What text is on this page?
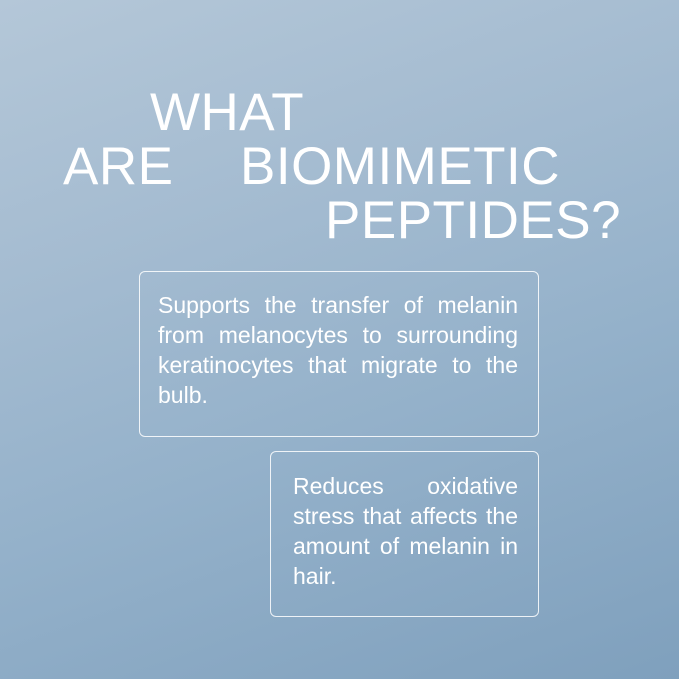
WHAT
ARE BIOMIMETIC
PEPTIDES?

Supports the transfer of melanin from melanocytes to surrounding keratinocytes that migrate to the bulb.

Reduces oxidative stress that affects the amount of melanin in hair.
